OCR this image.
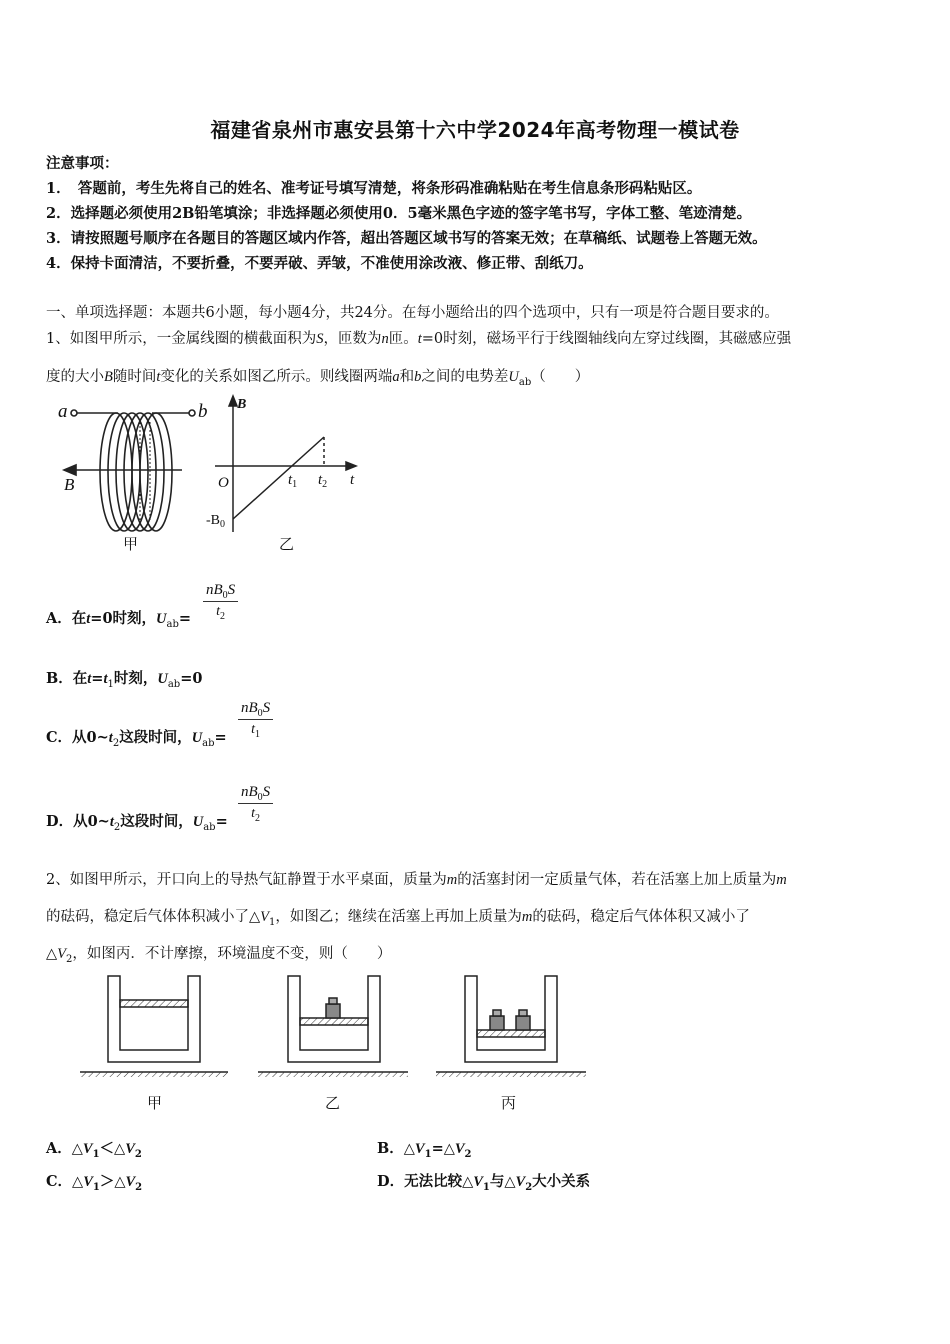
福建省泉州市惠安县第十六中学2024年高考物理一模试卷
注意事项：
1．　答题前，考生先将自己的姓名、准考证号填写清楚，将条形码准确粘贴在考生信息条形码粘贴区。
2．选择题必须使用2B铅笔填涂；非选择题必须使用0．5毫米黑色字迹的签字笔书写，字体工整、笔迹清楚。
3．请按照题号顺序在各题目的答题区域内作答，超出答题区域书写的答案无效；在草稿纸、试题卷上答题无效。
4．保持卡面清洁，不要折叠，不要弄破、弄皱，不准使用涂改液、修正带、刮纸刀。
一、单项选择题：本题共6小题，每小题4分，共24分。在每小题给出的四个选项中，只有一项是符合题目要求的。
1、如图甲所示，一金属线圈的横截面积为S，匝数为n匝。t=0时刻，磁场平行于线圈轴线向左穿过线圈，其磁感应强
度的大小B随时间t变化的关系如图乙所示。则线圈两端a和b之间的电势差$U_{ab}$（　　）
a	b
B
甲
B
O	$t_1$ $t_2$ t
$-B_0$
乙
A．在t=0时刻，$U_{ab}= \frac{nB_0S}{t_2}$
B．在$t=t_1$时刻，$U_{ab}=0$
C．从$0\sim t_2$这段时间，$U_{ab}= \frac{nB_0S}{t_1}$
D．从$0\sim t_2$这段时间，$U_{ab}= \frac{nB_0S}{t_2}$
2、如图甲所示，开口向上的导热气缸静置于水平桌面，质量为m的活塞封闭一定质量气体，若在活塞上加上质量为m
的砝码，稳定后气体体积减小了$\triangle V_1$，如图乙；继续在活塞上再加上质量为m的砝码，稳定后气体体积又减小了
$\triangle V_2$，如图丙．不计摩擦，环境温度不变，则（　　）
甲	乙	丙
A．$\triangle V_1<\triangle V_2$	B．$\triangle V_1=\triangle V_2$
C．$\triangle V_1>\triangle V_2$	D．无法比较$\triangle V_1$与$\triangle V_2$大小关系
